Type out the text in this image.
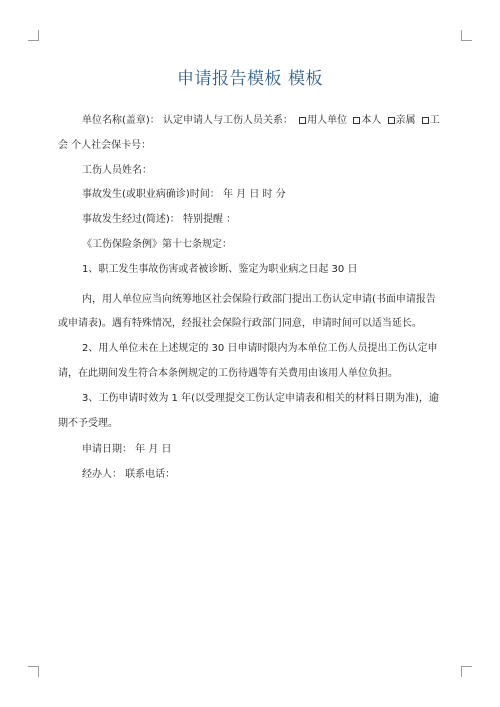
申请报告模板 模板
单位名称(盖章)： 认定申请人与工伤人员关系： 用人单位 本人 亲属 工
会 个人社会保卡号：
工伤人员姓名：
事故发生(或职业病确诊)时间： 年 月 日 时 分
事故发生经过(简述)： 特别提醒 ：
《工伤保险条例》第十七条规定：
1、职工发生事故伤害或者被诊断、鉴定为职业病之日起 30 日
内，用人单位应当向统筹地区社会保险行政部门提出工伤认定申请(书面申请报告
或申请表)。遇有特殊情况，经报社会保险行政部门同意，申请时间可以适当延长。
2、用人单位未在上述规定的 30 日申请时限内为本单位工伤人员提出工伤认定申
请，在此期间发生符合本条例规定的工伤待遇等有关费用由该用人单位负担。
3、工伤申请时效为 1 年(以受理提交工伤认定申请表和相关的材料日期为准)，逾
期不予受理。
申请日期： 年 月 日
经办人： 联系电话：
